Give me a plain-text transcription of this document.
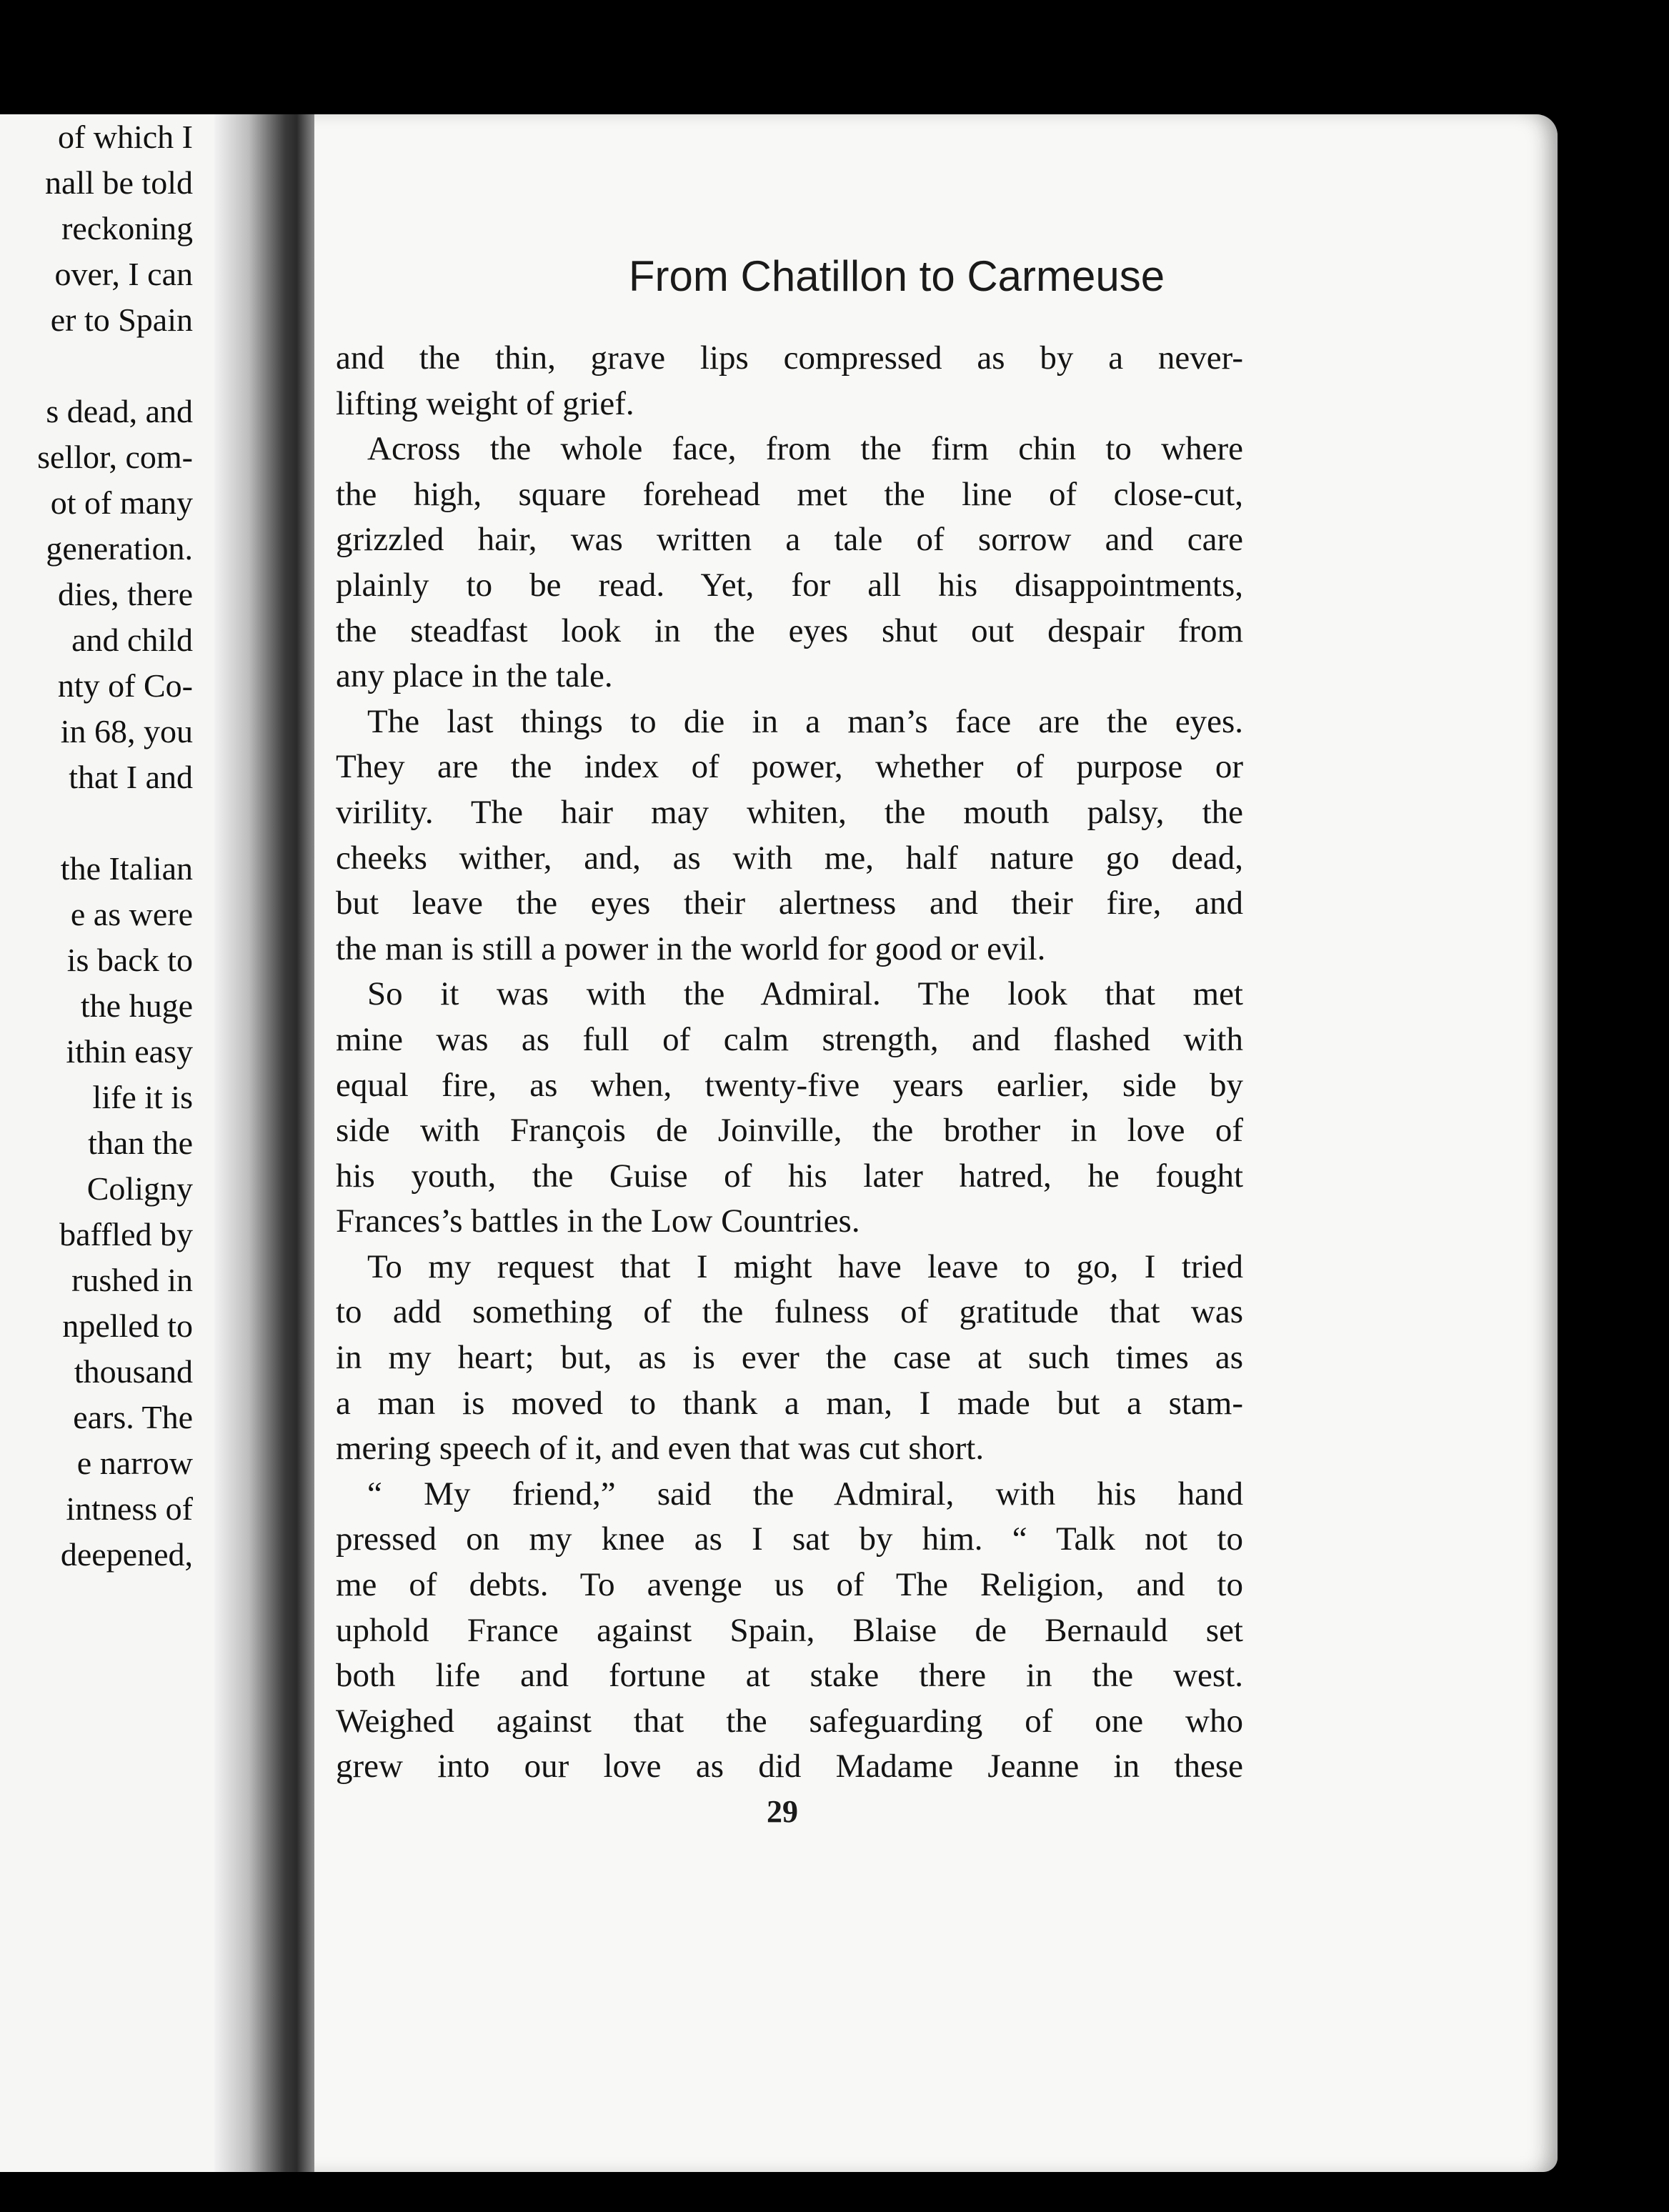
of which I
nall be told
reckoning
over, I can
er to Spain

s dead, and
sellor, com-
ot of many
generation.
dies, there
and child
nty of Co-
in 68, you
that I and

the Italian
e as were
is back to
the huge
ithin easy
life it is
than the
Coligny
baffled by
rushed in
npelled to
thousand
ears. The
e narrow
intness of
deepened,
From Chatillon to Carmeuse

and the thin, grave lips compressed as by a never-

lifting weight of grief.

Across the whole face, from the firm chin to where

the high, square forehead met the line of close-cut,

grizzled hair, was written a tale of sorrow and care

plainly to be read. Yet, for all his disappointments,

the steadfast look in the eyes shut out despair from

any place in the tale.

The last things to die in a man’s face are the eyes.

They are the index of power, whether of purpose or

virility. The hair may whiten, the mouth palsy, the

cheeks wither, and, as with me, half nature go dead,

but leave the eyes their alertness and their fire, and

the man is still a power in the world for good or evil.

So it was with the Admiral. The look that met

mine was as full of calm strength, and flashed with

equal fire, as when, twenty-five years earlier, side by

side with François de Joinville, the brother in love of

his youth, the Guise of his later hatred, he fought

Frances’s battles in the Low Countries.

To my request that I might have leave to go, I tried

to add something of the fulness of gratitude that was

in my heart; but, as is ever the case at such times as

a man is moved to thank a man, I made but a stam-

mering speech of it, and even that was cut short.

“ My friend,” said the Admiral, with his hand

pressed on my knee as I sat by him. “ Talk not to

me of debts. To avenge us of The Religion, and to

uphold France against Spain, Blaise de Bernauld set

both life and fortune at stake there in the west.

Weighed against that the safeguarding of one who

grew into our love as did Madame Jeanne in these

29
